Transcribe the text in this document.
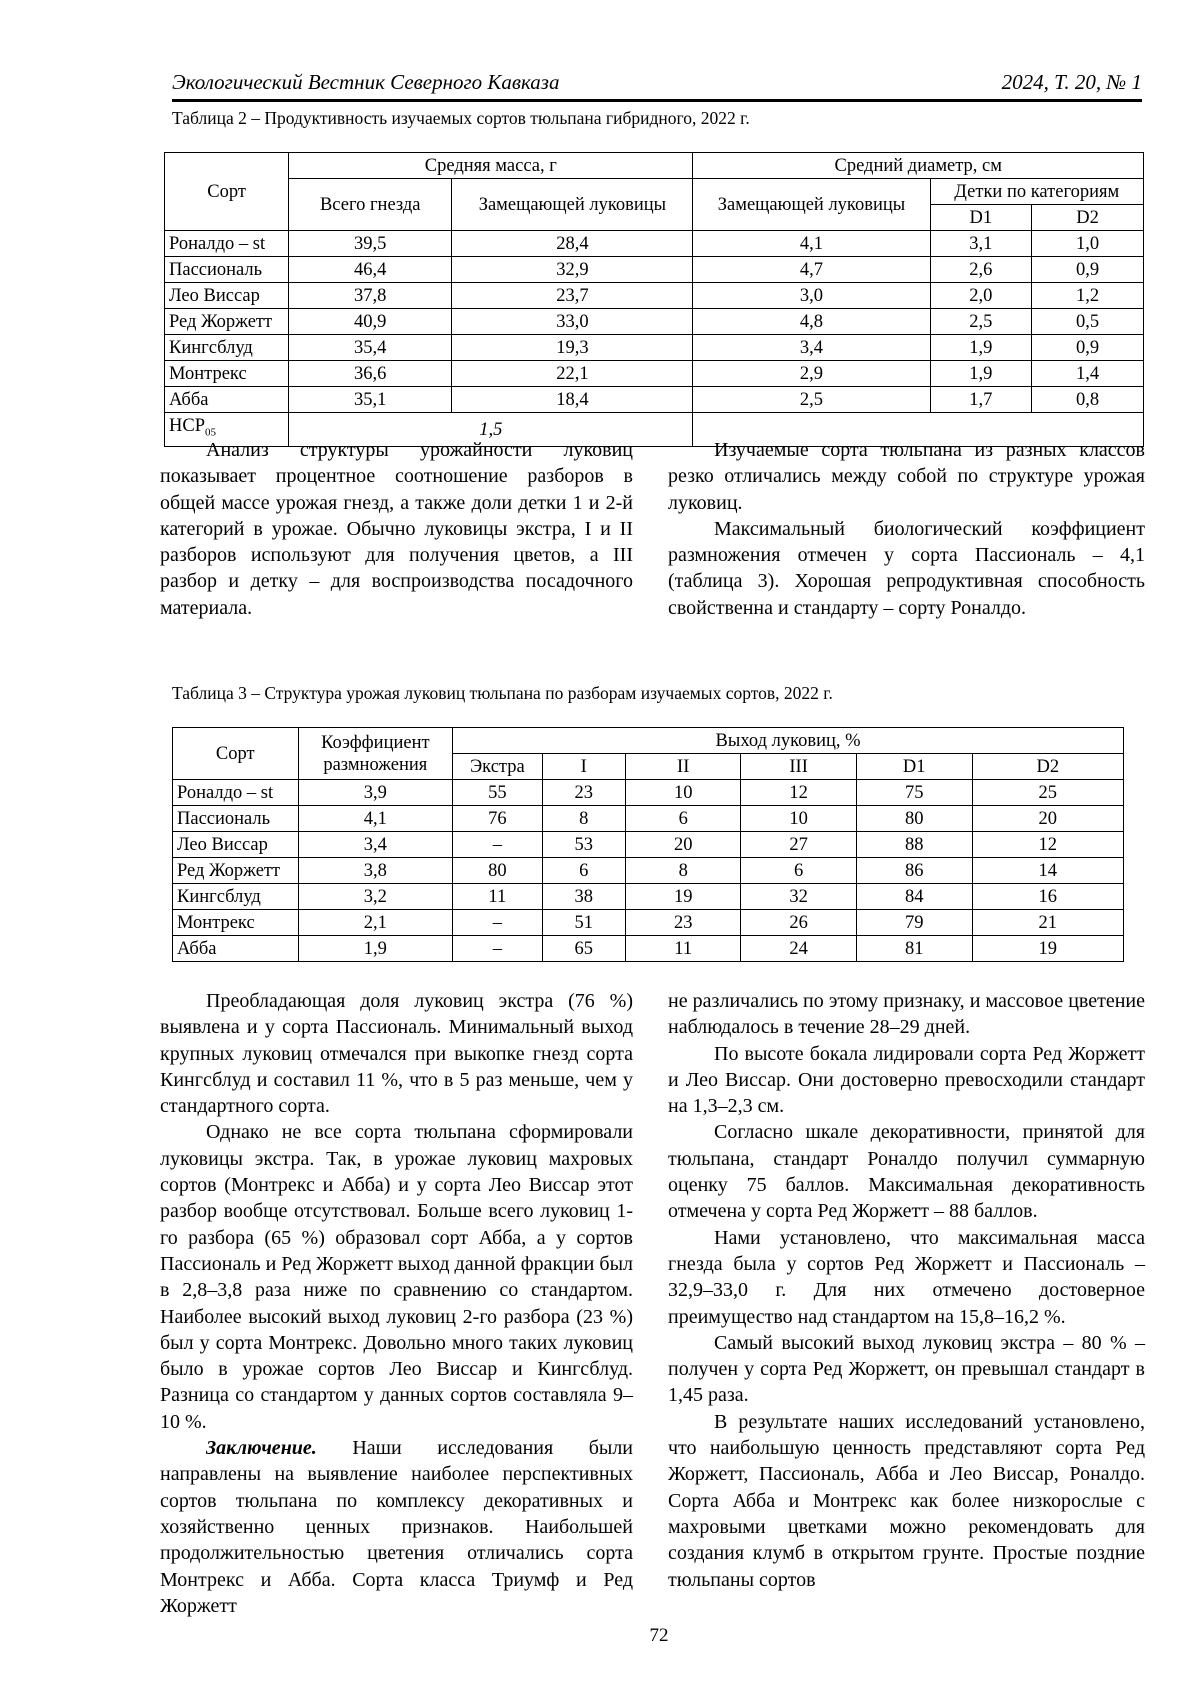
Экологический Вестник Северного Кавказа	2024, Т. 20, № 1
Таблица 2 – Продуктивность изучаемых сортов тюльпана гибридного, 2022 г.
Сорт	Средняя масса, г		Средний диаметр, см		
	Всего гнезда	Замещающей луковицы	Замещающей луковицы	Детки по категориям	
				D1	D2
Роналдо – st	39,5	28,4	4,1	3,1	1,0
Пассиональ	46,4	32,9	4,7	2,6	0,9
Лео Виссар	37,8	23,7	3,0	2,0	1,2
Ред Жоржетт	40,9	33,0	4,8	2,5	0,5
Кингсблуд	35,4	19,3	3,4	1,9	0,9
Монтрекс	36,6	22,1	2,9	1,9	1,4
Абба	35,1	18,4	2,5	1,7	0,8
$НСР_{05}$	1,5				

Анализ структуры урожайности луковиц показывает процентное соотношение разборов в общей массе урожая гнезд, а также доли детки 1 и 2-й категорий в урожае. Обычно луковицы экстра, I и II разборов используют для получения цветов, а III разбор и детку – для воспроизводства посадочного материала.

Изучаемые сорта тюльпана из разных классов резко отличались между собой по структуре урожая луковиц.

Максимальный биологический коэффициент размножения отмечен у сорта Пассиональ – 4,1 (таблица 3). Хорошая репродуктивная способность свойственна и стандарту – сорту Роналдо.

Таблица 3 – Структура урожая луковиц тюльпана по разборам изучаемых сортов, 2022 г.
Сорт	Коэффициент размножения	Выход луковиц, %					
		Экстра	I	II	III	D1	D2
Роналдо – st	3,9	55	23	10	12	75	25
Пассиональ	4,1	76	8	6	10	80	20
Лео Виссар	3,4	–	53	20	27	88	12
Ред Жоржетт	3,8	80	6	8	6	86	14
Кингсблуд	3,2	11	38	19	32	84	16
Монтрекс	2,1	–	51	23	26	79	21
Абба	1,9	–	65	11	24	81	19

Преобладающая доля луковиц экстра (76 %) выявлена и у сорта Пассиональ. Минимальный выход крупных луковиц отмечался при выкопке гнезд сорта Кингсблуд и составил 11 %, что в 5 раз меньше, чем у стандартного сорта.

Однако не все сорта тюльпана сформировали луковицы экстра. Так, в урожае луковиц махровых сортов (Монтрекс и Абба) и у сорта Лео Виссар этот разбор вообще отсутствовал. Больше всего луковиц 1-го разбора (65 %) образовал сорт Абба, а у сортов Пассиональ и Ред Жоржетт выход данной фракции был в 2,8–3,8 раза ниже по сравнению со стандартом. Наиболее высокий выход луковиц 2-го разбора (23 %) был у сорта Монтрекс. Довольно много таких луковиц было в урожае сортов Лео Виссар и Кингсблуд. Разница со стандартом у данных сортов составляла 9–10 %.

Заключение. Наши исследования были направлены на выявление наиболее перспективных сортов тюльпана по комплексу декоративных и хозяйственно ценных признаков. Наибольшей продолжительностью цветения отличались сорта Монтрекс и Абба. Сорта класса Триумф и Ред Жоржетт

не различались по этому признаку, и массовое цветение наблюдалось в течение 28–29 дней.

По высоте бокала лидировали сорта Ред Жоржетт и Лео Виссар. Они достоверно превосходили стандарт на 1,3–2,3 см.

Согласно шкале декоративности, принятой для тюльпана, стандарт Роналдо получил суммарную оценку 75 баллов. Максимальная декоративность отмечена у сорта Ред Жоржетт – 88 баллов.

Нами установлено, что максимальная масса гнезда была у сортов Ред Жоржетт и Пассиональ – 32,9–33,0 г. Для них отмечено достоверное преимущество над стандартом на 15,8–16,2 %.

Самый высокий выход луковиц экстра – 80 % – получен у сорта Ред Жоржетт, он превышал стандарт в 1,45 раза.

В результате наших исследований установлено, что наибольшую ценность представляют сорта Ред Жоржетт, Пассиональ, Абба и Лео Виссар, Роналдо. Сорта Абба и Монтрекс как более низкорослые с махровыми цветками можно рекомендовать для создания клумб в открытом грунте. Простые поздние тюльпаны сортов

72
